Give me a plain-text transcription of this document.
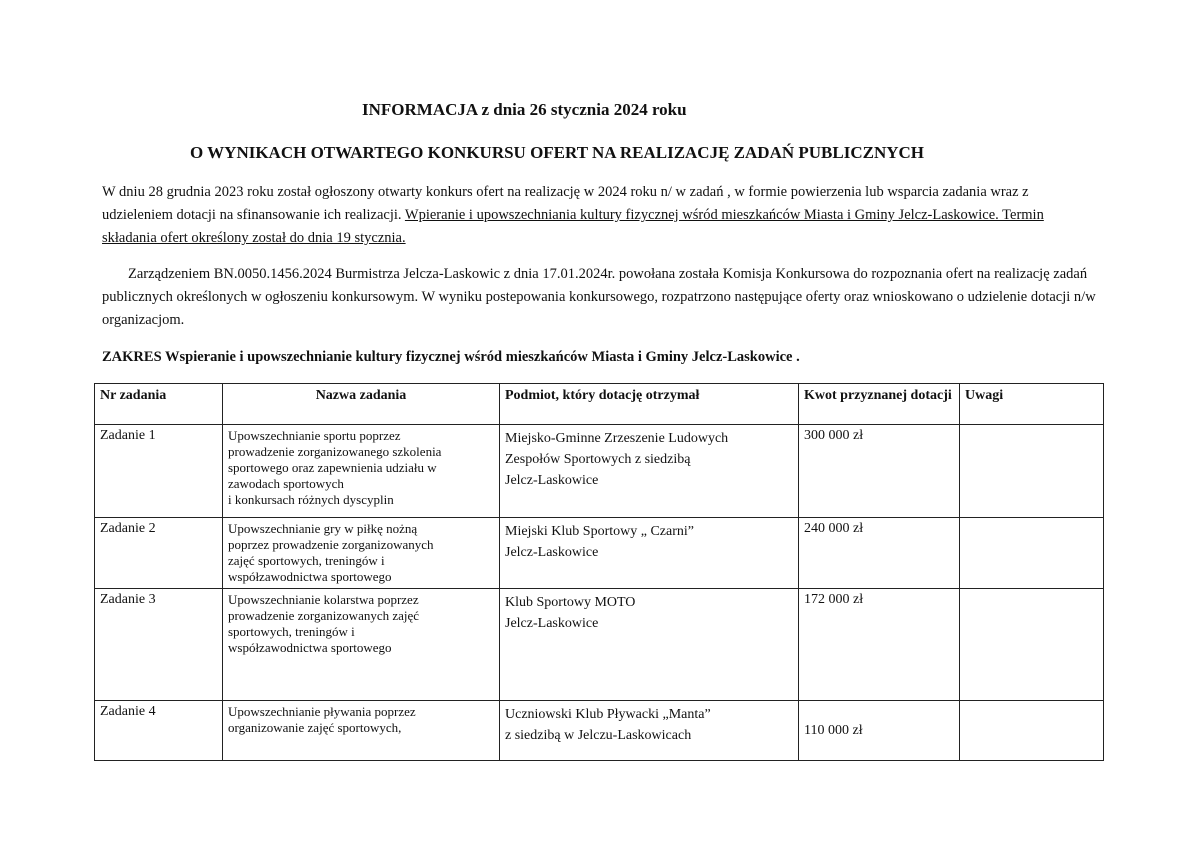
INFORMACJA z dnia 26 stycznia 2024 roku
O WYNIKACH OTWARTEGO KONKURSU OFERT NA REALIZACJĘ ZADAŃ PUBLICZNYCH
W dniu 28 grudnia 2023 roku został ogłoszony otwarty konkurs ofert na realizację w 2024 roku n/ w zadań , w formie powierzenia lub wsparcia zadania wraz z udzieleniem dotacji na sfinansowanie ich realizacji. Wpieranie i upowszechniania kultury fizycznej wśród mieszkańców Miasta i Gminy Jelcz-Laskowice. Termin składania ofert określony został do dnia 19 stycznia.
Zarządzeniem BN.0050.1456.2024 Burmistrza Jelcza-Laskowic z dnia 17.01.2024r. powołana została Komisja Konkursowa do rozpoznania ofert na realizację zadań publicznych określonych w ogłoszeniu konkursowym. W wyniku postepowania konkursowego, rozpatrzono następujące oferty oraz wnioskowano o udzielenie dotacji n/w organizacjom.
ZAKRES Wspieranie i upowszechnianie kultury fizycznej wśród mieszkańców Miasta i Gminy Jelcz-Laskowice .
Nr zadania	Nazwa zadania	Podmiot, który dotację otrzymał	Kwot przyznanej dotacji	Uwagi
Zadanie 1	Upowszechnianie sportu poprzez
prowadzenie zorganizowanego szkolenia
sportowego oraz zapewnienia udziału w
zawodach sportowych
i konkursach różnych dyscyplin	Miejsko-Gminne Zrzeszenie Ludowych
Zespołów Sportowych z siedzibą
Jelcz-Laskowice	300 000 zł	
Zadanie 2	Upowszechnianie gry w piłkę nożną
poprzez prowadzenie zorganizowanych
zajęć sportowych, treningów i
współzawodnictwa sportowego	Miejski Klub Sportowy „ Czarni”
Jelcz-Laskowice	240 000 zł	
Zadanie 3	Upowszechnianie kolarstwa poprzez
prowadzenie zorganizowanych zajęć
sportowych, treningów i
współzawodnictwa sportowego	Klub Sportowy MOTO
Jelcz-Laskowice	172 000 zł	
Zadanie 4	Upowszechnianie pływania poprzez
organizowanie zajęć sportowych,	Uczniowski Klub Pływacki „Manta”
z siedzibą w Jelczu-Laskowicach	110 000 zł	
